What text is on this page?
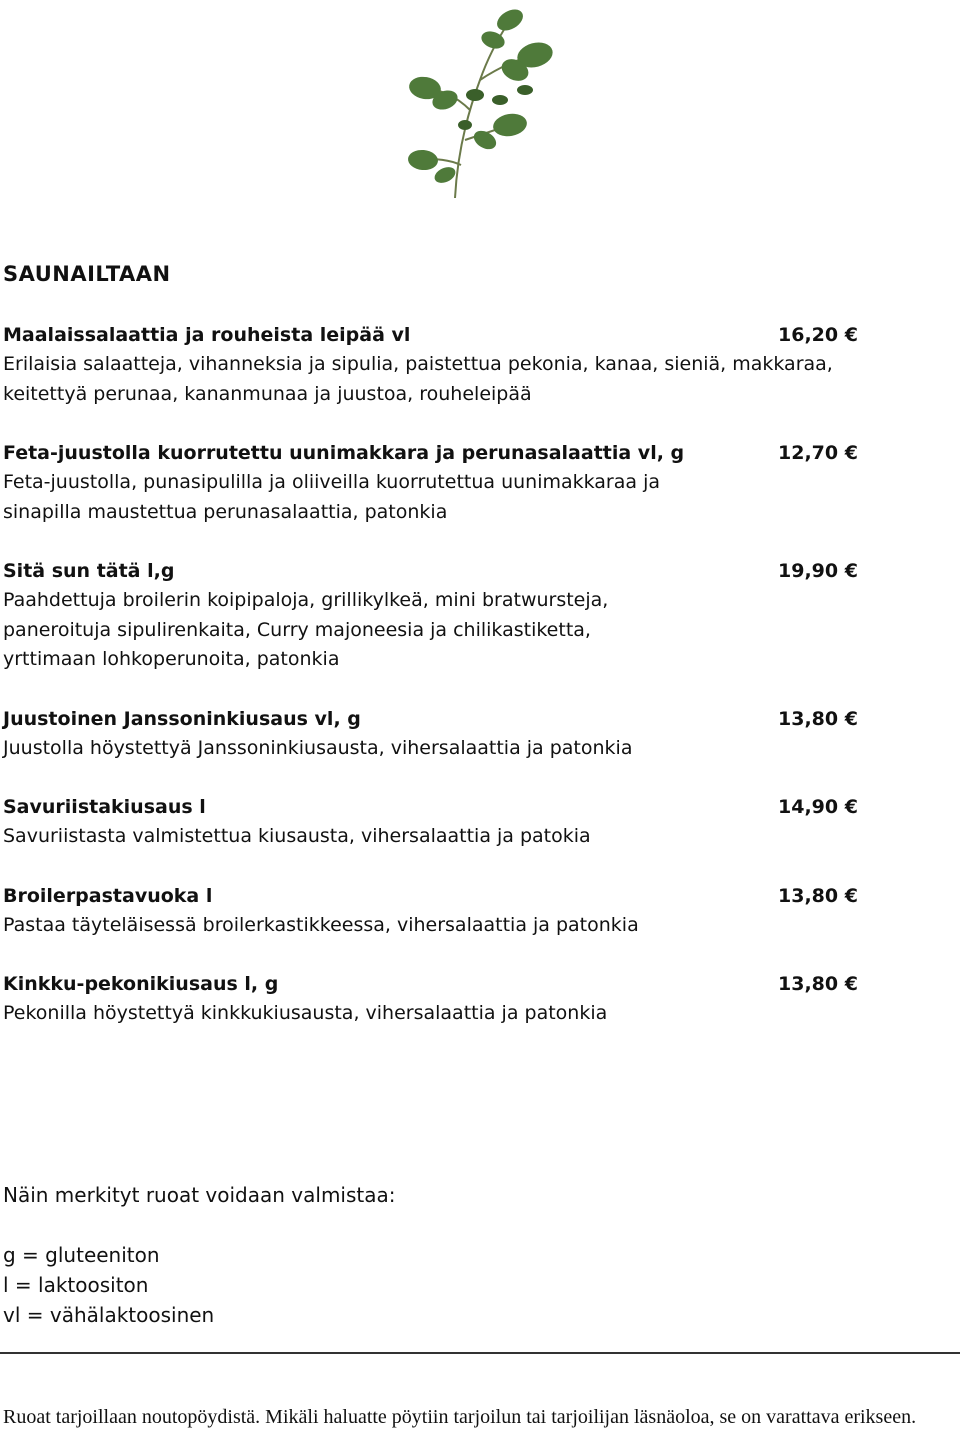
SAUNAILTAAN
Maalaissalaattia ja rouheista leipää vl	16,20 €
Erilaisia salaatteja, vihanneksia ja sipulia, paistettua pekonia, kanaa, sieniä, makkaraa, keitettyä perunaa, kananmunaa ja juustoa, rouheleipää
Feta-juustolla kuorrutettu uunimakkara ja perunasalaattia vl, g	12,70 €
Feta-juustolla, punasipulilla ja oliiveilla kuorrutettua uunimakkaraa ja sinapilla maustettua perunasalaattia, patonkia
Sitä sun tätä l,g	19,90 €
Paahdettuja broilerin koipipaloja, grillikylkeä, mini bratwursteja, paneroituja sipulirenkaita, Curry majoneesia ja chilikastiketta, yrttimaan lohkoperunoita, patonkia
Juustoinen Janssoninkiusaus vl, g	13,80 €
Juustolla höystettyä Janssoninkiusausta, vihersalaattia ja patonkia
Savuriistakiusaus l	14,90 €
Savuriistasta valmistettua kiusausta, vihersalaattia ja patokia
Broilerpastavuoka l	13,80 €
Pastaa täyteläisessä broilerkastikkeessa, vihersalaattia ja patonkia
Kinkku-pekonikiusaus l, g	13,80 €
Pekonilla höystettyä kinkkukiusausta, vihersalaattia ja patonkia
Näin merkityt ruoat voidaan valmistaa:
g = gluteeniton
l = laktoositon
vl = vähälaktoosinen
Ruoat tarjoillaan noutopöydistä. Mikäli haluatte pöytiin tarjoilun tai tarjoilijan läsnäoloa, se on varattava erikseen.
